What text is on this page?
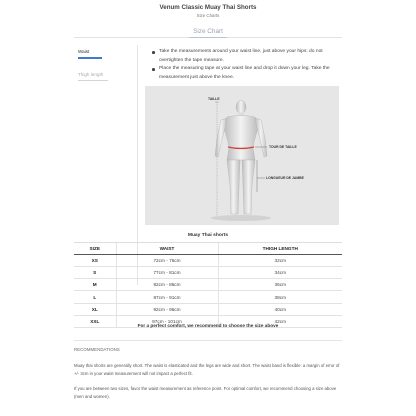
Venum Classic Muay Thai Shorts
Size Charts
Size Chart
Waist
Thigh length
Take the measurements around your waist line, just above your hips: do not overtighten the tape measure.
Place the measuring tape at your waist line and drop it down your leg. Take the measurement just above the knee.
TAILLE
TOUR DE TAILLE
LONGUEUR DE JAMBE
Muay Thai shorts
SIZE	WAIST	THIGH LENGTH
XS	72cm - 76cm	32cm
S	77cm - 81cm	34cm
M	82cm - 86cm	36cm
L	87cm - 91cm	38cm
XL	92cm - 96cm	40cm
XXL	97cm - 101cm	42cm
For a perfect comfort, we recommend to choose the size above
RECOMMENDATIONS

Muay thai shorts are generally short. The waist is elasticated and the legs are wide and short. The waist band is flexible: a margin of error of +/- 3cm in your waist measurement will not impact a perfect fit.

If you are between two sizes, favor the waist measurement as reference point. For optimal comfort, we recommend choosing a size above (men and women).
